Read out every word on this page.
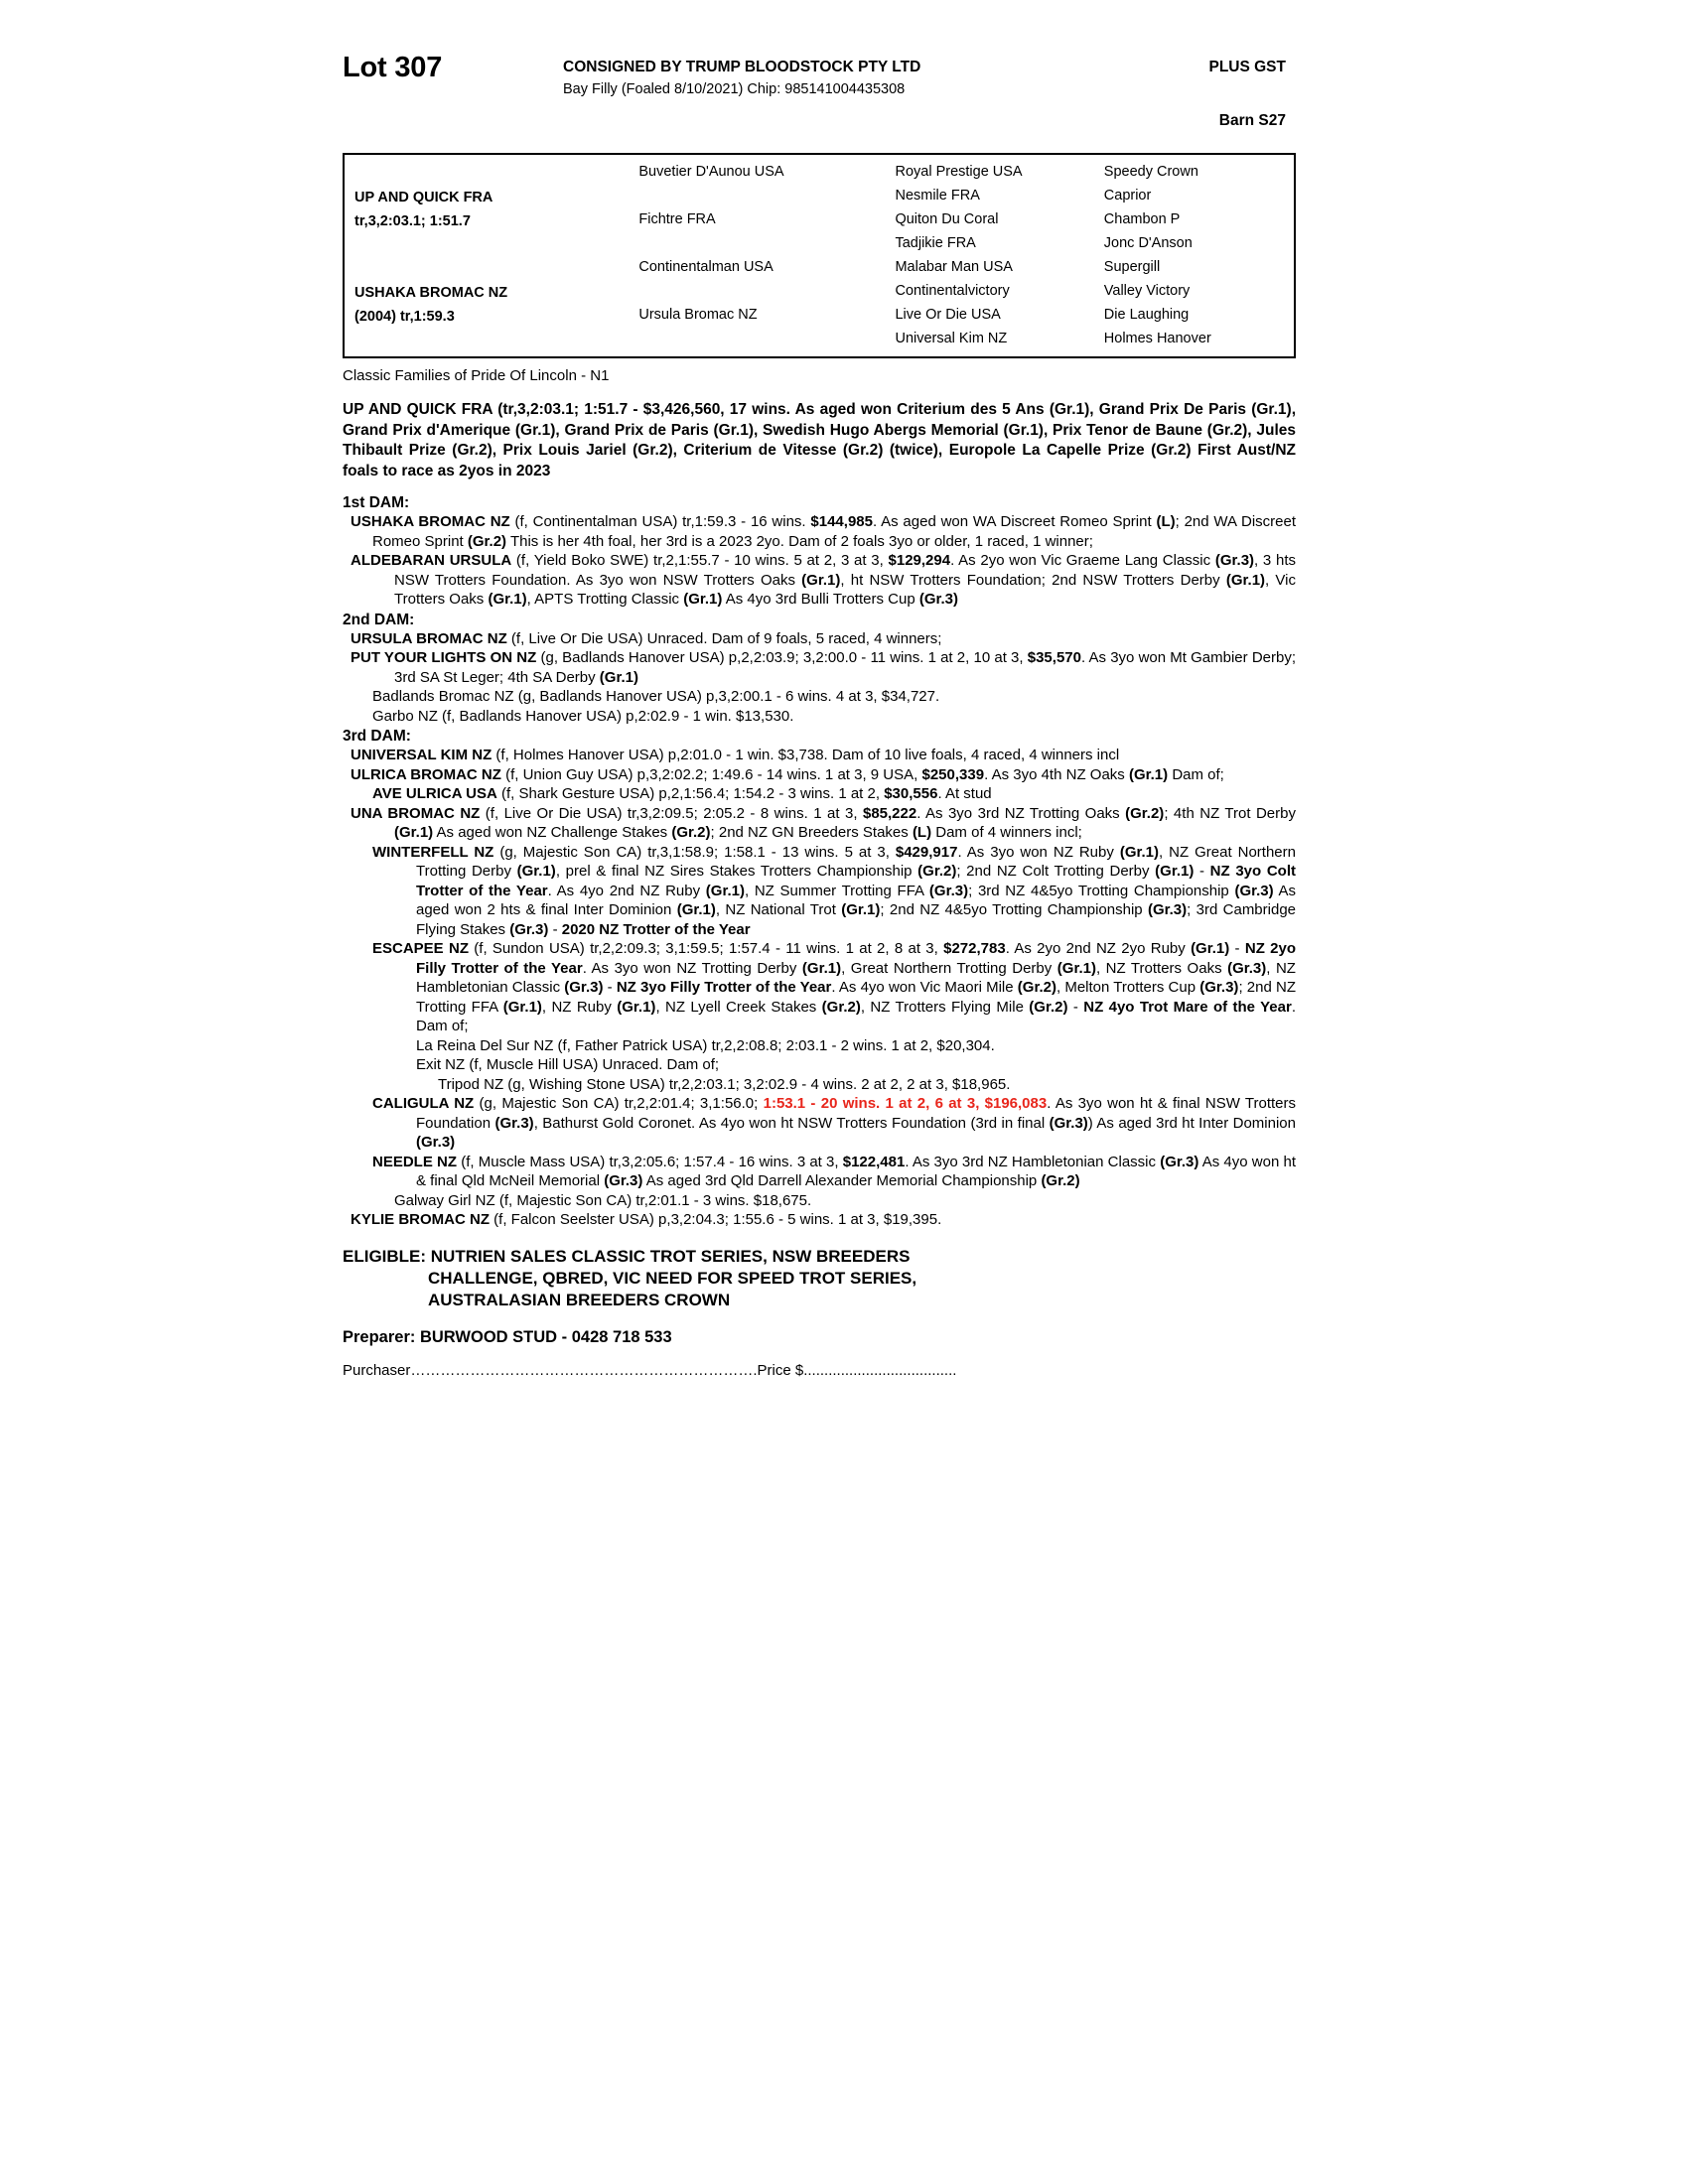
Lot 307	CONSIGNED BY TRUMP BLOODSTOCK PTY LTD
Bay Filly (Foaled 8/10/2021) Chip: 985141004435308
PLUS GST
Barn S27
UP AND QUICK FRA
tr,3,2:03.1; 1:51.7
USHAKA BROMAC NZ
(2004) tr,1:59.3
Buvetier D'Aunou USA
Fichtre FRA
Continentalman USA
Ursula Bromac NZ
Royal Prestige USA
Nesmile FRA
Quiton Du Coral
Tadjikie FRA
Malabar Man USA
Continentalvictory
Live Or Die USA
Universal Kim NZ
Speedy Crown
Caprior
Chambon P
Jonc D'Anson
Supergill
Valley Victory
Die Laughing
Holmes Hanover
Classic Families of Pride Of Lincoln - N1
UP AND QUICK FRA (tr,3,2:03.1; 1:51.7 - $3,426,560, 17 wins. As aged won Criterium des 5 Ans (Gr.1), Grand Prix De Paris (Gr.1), Grand Prix d'Amerique (Gr.1), Grand Prix de Paris (Gr.1), Swedish Hugo Abergs Memorial (Gr.1), Prix Tenor de Baune (Gr.2), Jules Thibault Prize (Gr.2), Prix Louis Jariel (Gr.2), Criterium de Vitesse (Gr.2) (twice), Europole La Capelle Prize (Gr.2) First Aust/NZ foals to race as 2yos in 2023
1st DAM:

USHAKA BROMAC NZ (f, Continentalman USA) tr,1:59.3 - 16 wins. $144,985. As aged won WA Discreet Romeo Sprint (L); 2nd WA Discreet Romeo Sprint (Gr.2) This is her 4th foal, her 3rd is a 2023 2yo. Dam of 2 foals 3yo or older, 1 raced, 1 winner;

ALDEBARAN URSULA (f, Yield Boko SWE) tr,2,1:55.7 - 10 wins. 5 at 2, 3 at 3, $129,294. As 2yo won Vic Graeme Lang Classic (Gr.3), 3 hts NSW Trotters Foundation. As 3yo won NSW Trotters Oaks (Gr.1), ht NSW Trotters Foundation; 2nd NSW Trotters Derby (Gr.1), Vic Trotters Oaks (Gr.1), APTS Trotting Classic (Gr.1) As 4yo 3rd Bulli Trotters Cup (Gr.3)

2nd DAM:

URSULA BROMAC NZ (f, Live Or Die USA) Unraced. Dam of 9 foals, 5 raced, 4 winners;

PUT YOUR LIGHTS ON NZ (g, Badlands Hanover USA) p,2,2:03.9; 3,2:00.0 - 11 wins. 1 at 2, 10 at 3, $35,570. As 3yo won Mt Gambier Derby; 3rd SA St Leger; 4th SA Derby (Gr.1)

Badlands Bromac NZ (g, Badlands Hanover USA) p,3,2:00.1 - 6 wins. 4 at 3, $34,727.

Garbo NZ (f, Badlands Hanover USA) p,2:02.9 - 1 win. $13,530.

3rd DAM:

UNIVERSAL KIM NZ (f, Holmes Hanover USA) p,2:01.0 - 1 win. $3,738. Dam of 10 live foals, 4 raced, 4 winners incl

ULRICA BROMAC NZ (f, Union Guy USA) p,3,2:02.2; 1:49.6 - 14 wins. 1 at 3, 9 USA, $250,339. As 3yo 4th NZ Oaks (Gr.1) Dam of;

AVE ULRICA USA (f, Shark Gesture USA) p,2,1:56.4; 1:54.2 - 3 wins. 1 at 2, $30,556. At stud

UNA BROMAC NZ (f, Live Or Die USA) tr,3,2:09.5; 2:05.2 - 8 wins. 1 at 3, $85,222. As 3yo 3rd NZ Trotting Oaks (Gr.2); 4th NZ Trot Derby (Gr.1) As aged won NZ Challenge Stakes (Gr.2); 2nd NZ GN Breeders Stakes (L) Dam of 4 winners incl;

WINTERFELL NZ (g, Majestic Son CA) tr,3,1:58.9; 1:58.1 - 13 wins. 5 at 3, $429,917. As 3yo won NZ Ruby (Gr.1), NZ Great Northern Trotting Derby (Gr.1), prel & final NZ Sires Stakes Trotters Championship (Gr.2); 2nd NZ Colt Trotting Derby (Gr.1) - NZ 3yo Colt Trotter of the Year. As 4yo 2nd NZ Ruby (Gr.1), NZ Summer Trotting FFA (Gr.3); 3rd NZ 4&5yo Trotting Championship (Gr.3) As aged won 2 hts & final Inter Dominion (Gr.1), NZ National Trot (Gr.1); 2nd NZ 4&5yo Trotting Championship (Gr.3); 3rd Cambridge Flying Stakes (Gr.3) - 2020 NZ Trotter of the Year

ESCAPEE NZ (f, Sundon USA) tr,2,2:09.3; 3,1:59.5; 1:57.4 - 11 wins. 1 at 2, 8 at 3, $272,783. As 2yo 2nd NZ 2yo Ruby (Gr.1) - NZ 2yo Filly Trotter of the Year. As 3yo won NZ Trotting Derby (Gr.1), Great Northern Trotting Derby (Gr.1), NZ Trotters Oaks (Gr.3), NZ Hambletonian Classic (Gr.3) - NZ 3yo Filly Trotter of the Year. As 4yo won Vic Maori Mile (Gr.2), Melton Trotters Cup (Gr.3); 2nd NZ Trotting FFA (Gr.1), NZ Ruby (Gr.1), NZ Lyell Creek Stakes (Gr.2), NZ Trotters Flying Mile (Gr.2) - NZ 4yo Trot Mare of the Year. Dam of;

La Reina Del Sur NZ (f, Father Patrick USA) tr,2,2:08.8; 2:03.1 - 2 wins. 1 at 2, $20,304.

Exit NZ (f, Muscle Hill USA) Unraced. Dam of;

Tripod NZ (g, Wishing Stone USA) tr,2,2:03.1; 3,2:02.9 - 4 wins. 2 at 2, 2 at 3, $18,965.

CALIGULA NZ (g, Majestic Son CA) tr,2,2:01.4; 3,1:56.0; 1:53.1 - 20 wins. 1 at 2, 6 at 3, $196,083. As 3yo won ht & final NSW Trotters Foundation (Gr.3), Bathurst Gold Coronet. As 4yo won ht NSW Trotters Foundation (3rd in final (Gr.3)) As aged 3rd ht Inter Dominion (Gr.3)

NEEDLE NZ (f, Muscle Mass USA) tr,3,2:05.6; 1:57.4 - 16 wins. 3 at 3, $122,481. As 3yo 3rd NZ Hambletonian Classic (Gr.3) As 4yo won ht & final Qld McNeil Memorial (Gr.3) As aged 3rd Qld Darrell Alexander Memorial Championship (Gr.2)

Galway Girl NZ (f, Majestic Son CA) tr,2:01.1 - 3 wins. $18,675.

KYLIE BROMAC NZ (f, Falcon Seelster USA) p,3,2:04.3; 1:55.6 - 5 wins. 1 at 3, $19,395.

ELIGIBLE: NUTRIEN SALES CLASSIC TROT SERIES, NSW BREEDERS
CHALLENGE, QBRED, VIC NEED FOR SPEED TROT SERIES,
AUSTRALASIAN BREEDERS CROWN
Preparer: BURWOOD STUD - 0428 718 533
Purchaser…………………………………………………………….Price $.....................................
